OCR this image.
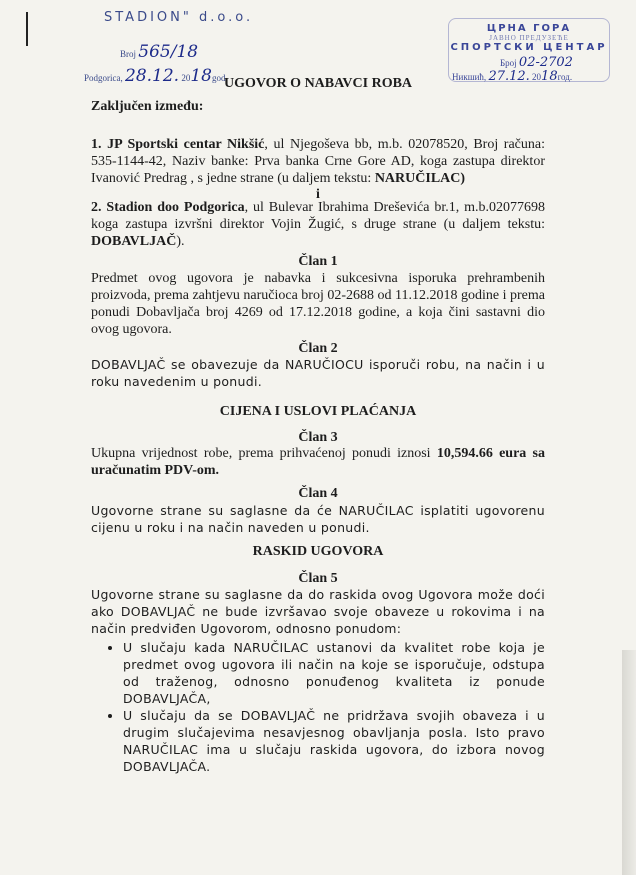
STADION" d.o.o.
Broj 565/18
Podgorica, 28.12. 2018god.
ЦРНА ГОРА
ЈАВНО ПРЕДУЗЕЋЕ
СПОРТСКИ ЦЕНТАР
Број 02-2702
Никшић, 27.12. 2018год.
UGOVOR O NABAVCI ROBA
Zaključen između:

1. JP Sportski centar Nikšić, ul Njegoševa bb, m.b. 02078520, Broj računa: 535-1144-42, Naziv banke: Prva banka Crne Gore AD, koga zastupa direktor Ivanović Predrag , s jedne strane (u daljem tekstu: NARUČILAC)

i

2. Stadion doo Podgorica, ul Bulevar Ibrahima Dreševića br.1, m.b.02077698 koga zastupa izvršni direktor Vojin Žugić, s druge strane (u daljem tekstu: DOBAVLJAČ).

Član 1

Predmet ovog ugovora je nabavka i sukcesivna isporuka prehrambenih proizvoda, prema zahtjevu naručioca broj 02-2688 od 11.12.2018 godine i prema ponudi Dobavljača broj 4269 od 17.12.2018 godine, a koja čini sastavni dio ovog ugovora.

Član 2

DOBAVLJAČ se obavezuje da NARUČIOCU isporuči robu, na način i u roku navedenim u ponudi.

CIJENA I USLOVI PLAĆANJA
Član 3

Ukupna vrijednost robe, prema prihvaćenoj ponudi iznosi 10,594.66 eura sa uračunatim PDV-om.

Član 4

Ugovorne strane su saglasne da će NARUČILAC isplatiti ugovorenu cijenu u roku i na način naveden u ponudi.

RASKID UGOVORA
Član 5

Ugovorne strane su saglasne da do raskida ovog Ugovora može doći ako DOBAVLJAČ ne bude izvršavao svoje obaveze u rokovima i na način predviđen Ugovorom, odnosno ponudom:

• U slučaju kada NARUČILAC ustanovi da kvalitet robe koja je predmet ovog ugovora ili način na koje se isporučuje, odstupa od traženog, odnosno ponuđenog kvaliteta iz ponude DOBAVLJAČA,
• U slučaju da se DOBAVLJAČ ne pridržava svojih obaveza i u drugim slučajevima nesavjesnog obavljanja posla. Isto pravo NARUČILAC ima u slučaju raskida ugovora, do izbora novog DOBAVLJAČA.
